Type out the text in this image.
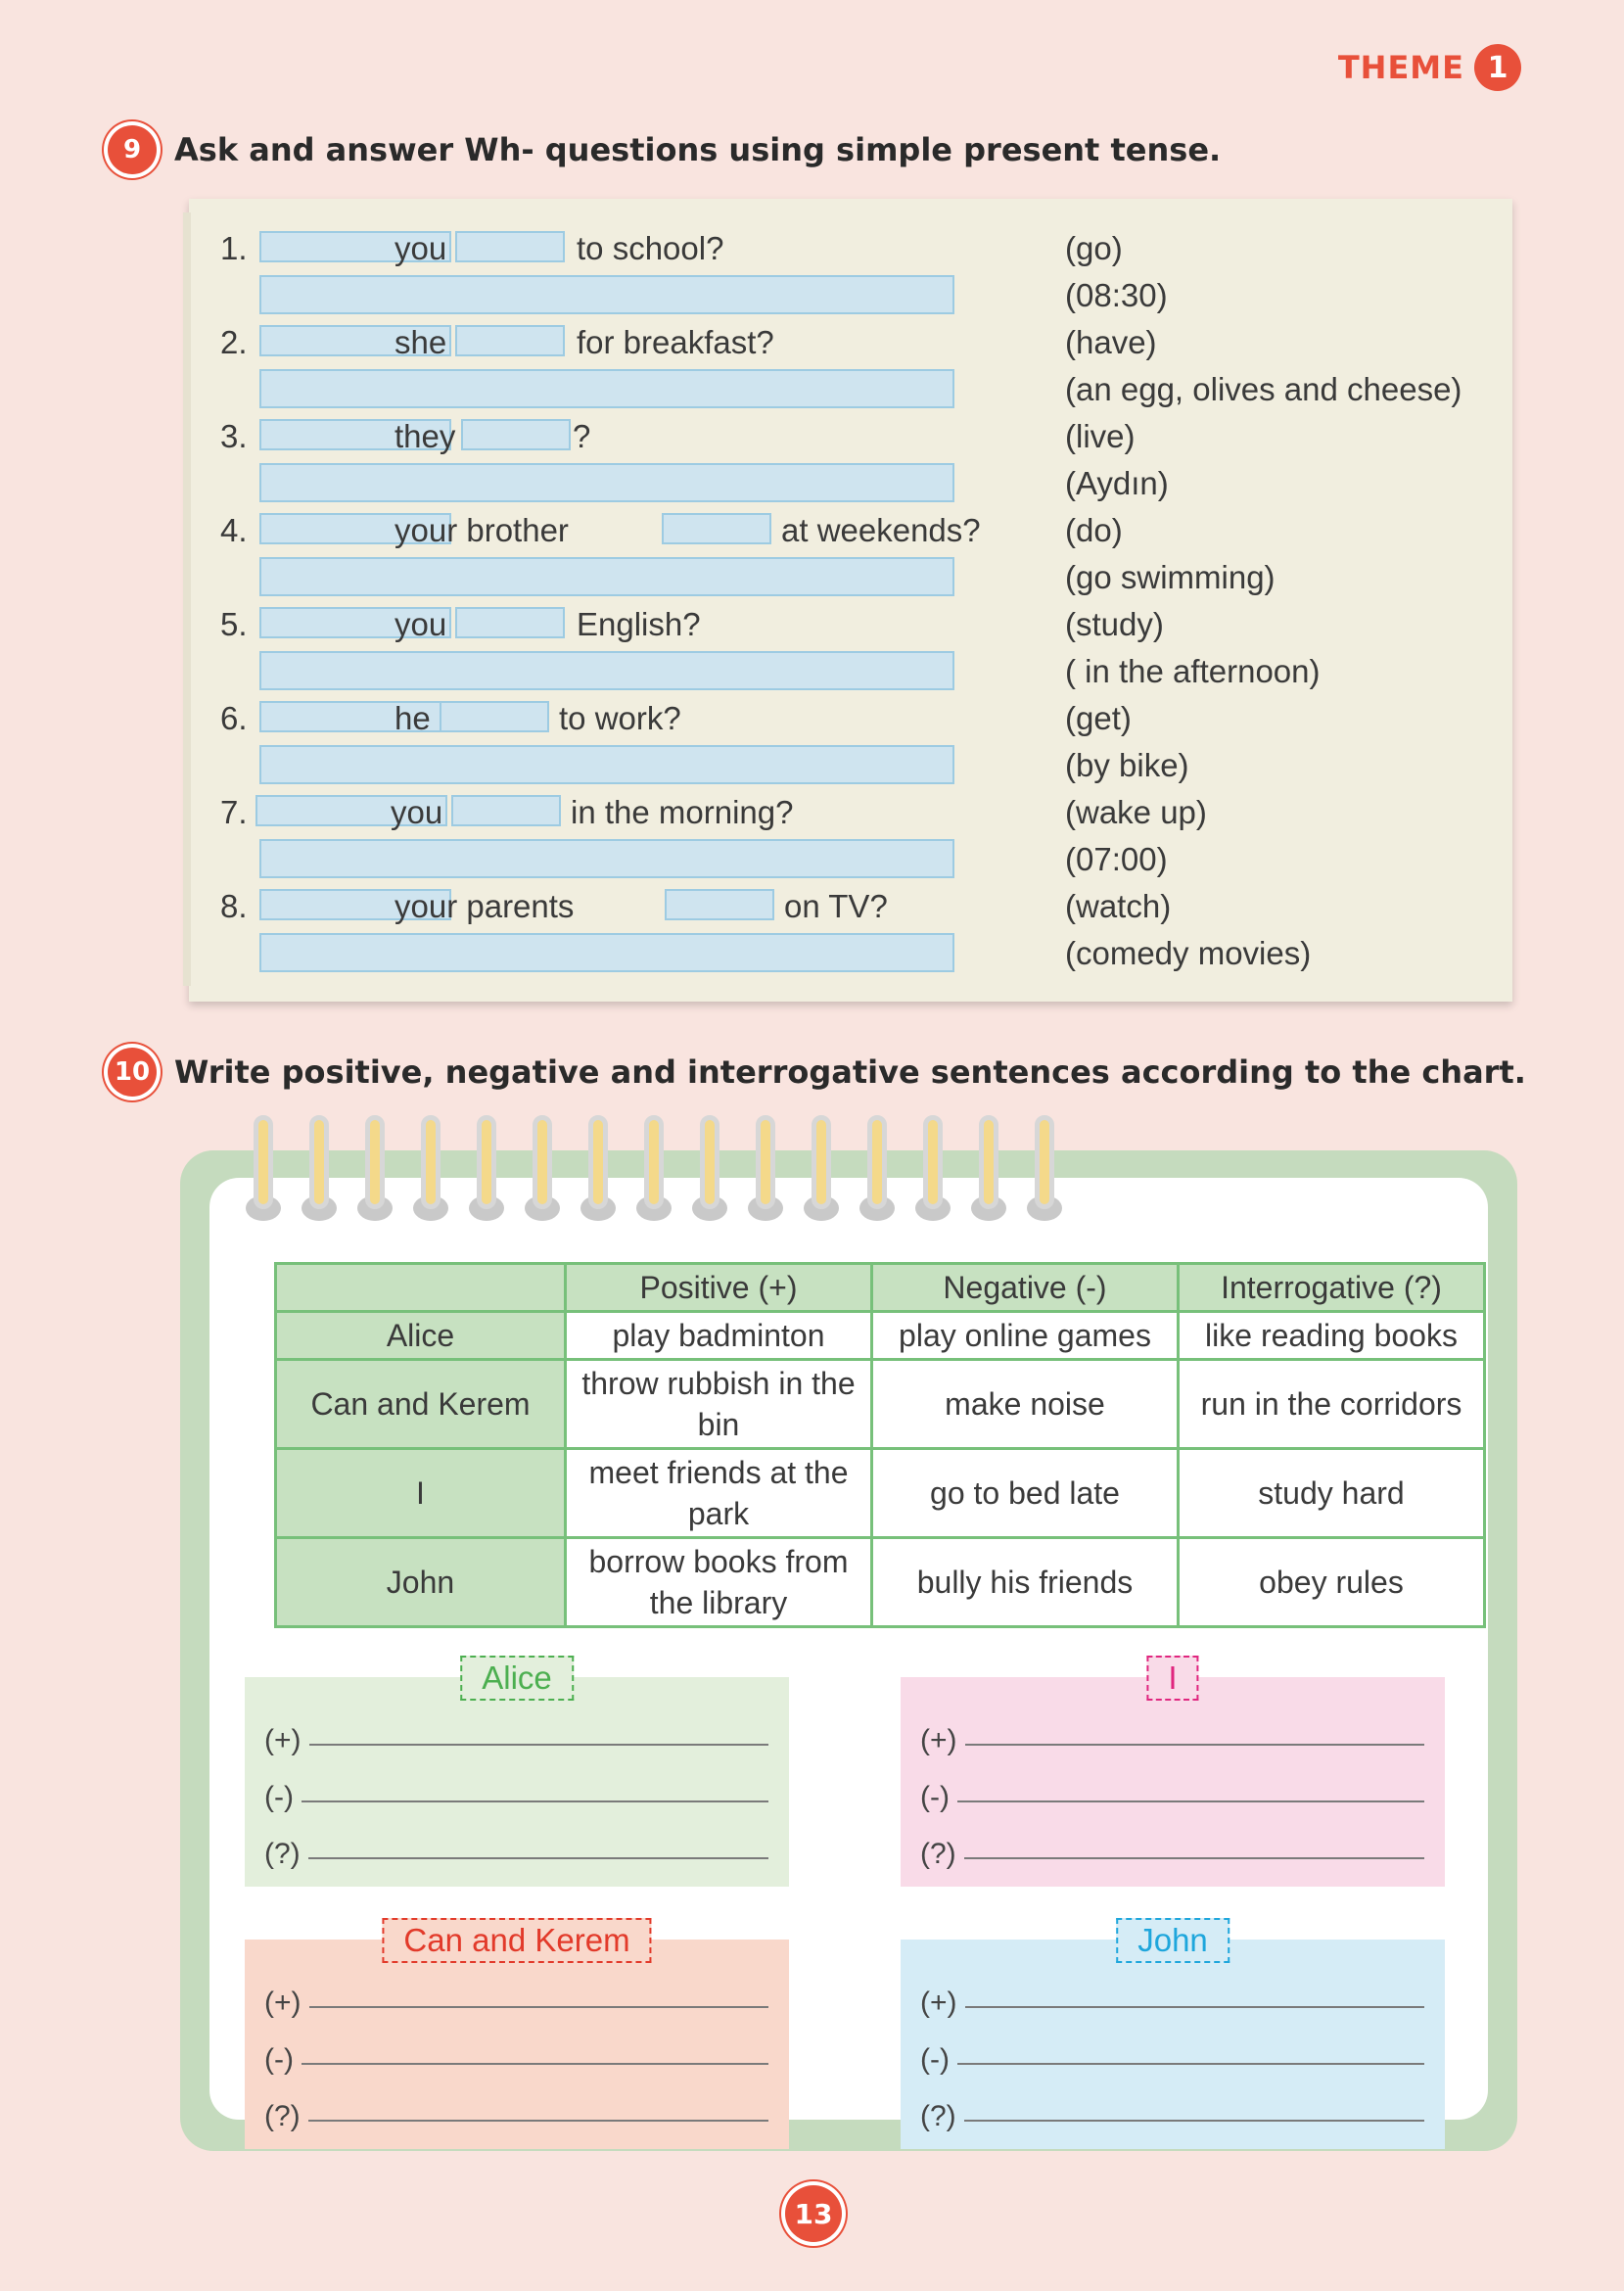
THEME 1
9	Ask and answer Wh- questions using simple present tense.
1.	you	to school?	(go)
(08:30)
2.	she	for breakfast?	(have)
(an egg, olives and cheese)
3.	they	?	(live)
(Aydın)
4.	your brother	at weekends?	(do)
(go swimming)
5.	you	English?	(study)
( in the afternoon)
6.	he	to work?	(get)
(by bike)
7.	you	in the morning?	(wake up)
(07:00)
8.	your parents	on TV?	(watch)
(comedy movies)
10 Write positive, negative and interrogative sentences according to the chart.
	Positive (+)	Negative (-)	Interrogative (?)
Alice	play badminton	play online games	like reading books
Can and Kerem	throw rubbish in the bin	make noise	run in the corridors
I	meet friends at the park	go to bed late	study hard
John	borrow books from the library	bully his friends	obey rules
Alice
(+)
(-)
(?)
I
(+)
(-)
(?)
Can and Kerem
(+)
(-)
(?)
John
(+)
(-)
(?)
13
